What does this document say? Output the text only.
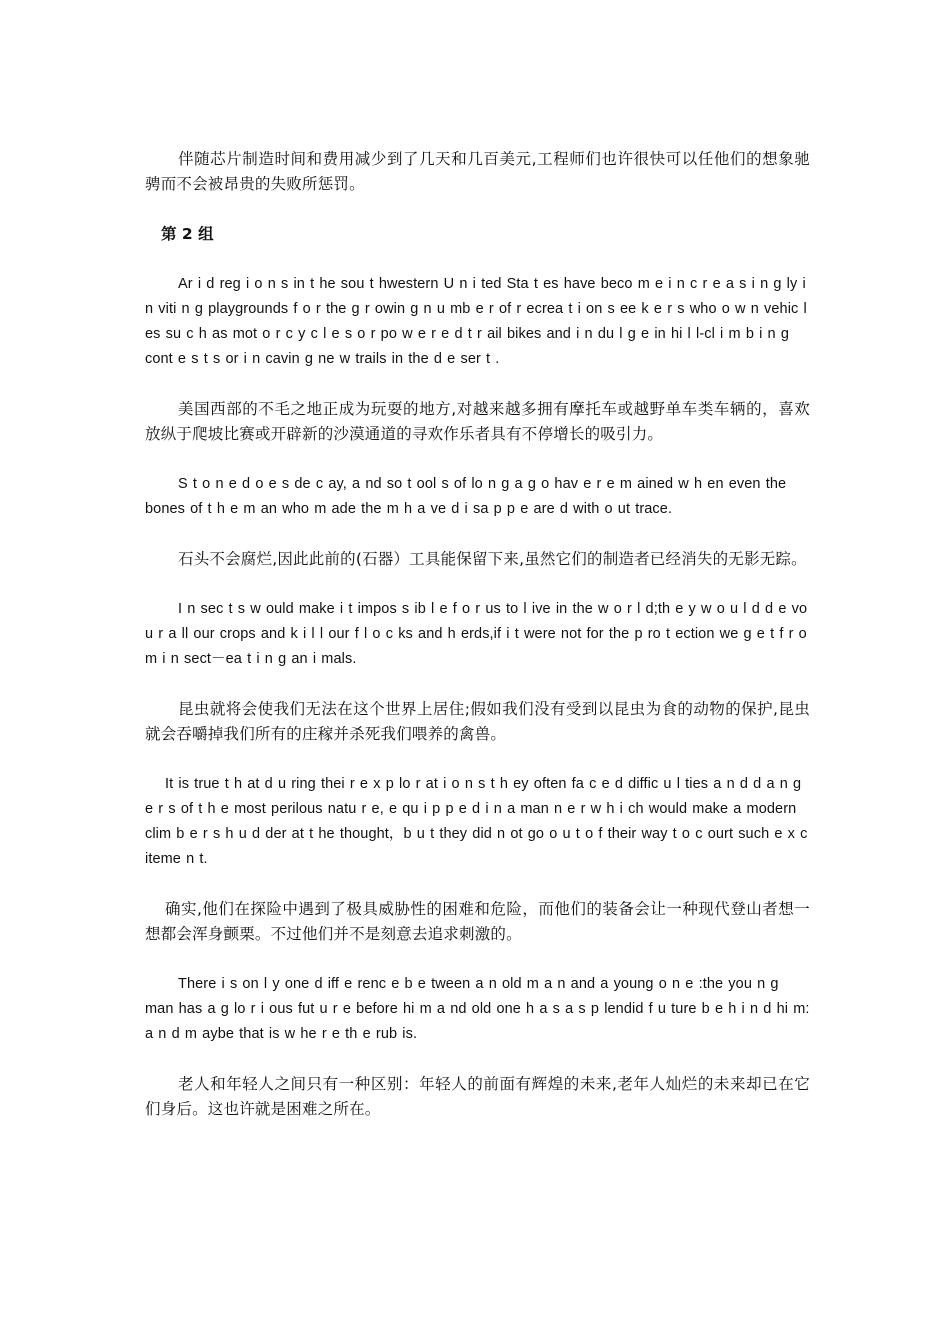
伴随芯片制造时间和费用减少到了几天和几百美元,工程师们也许很快可以任他们的想象驰骋而不会被昂贵的失败所惩罚。

第 2 组

Ar i d reg i o n s in t he sou t hwestern U n i ted Sta t es have beco m e i n c r e a s i n g ly i n viti n g playgrounds f o r the g r owin g n u mb e r of r ecrea t i on s ee k e r s who o w n vehic l es su c h as mot o r c y c l e s o r po w e r e d t r ail bikes and i n du l g e in hi l l-cl i m b i n g cont e s t s or i n cavin g ne w trails in the d e ser t .

美国西部的不毛之地正成为玩耍的地方,对越来越多拥有摩托车或越野单车类车辆的，喜欢放纵于爬坡比赛或开辟新的沙漠通道的寻欢作乐者具有不停增长的吸引力。

S t o n e d o e s de c ay, a nd so t ool s of lo n g a g o hav e r e m ained w h en even the bones of t h e m an who m ade the m h a ve d i sa p p e are d with o ut trace.

石头不会腐烂,因此此前的(石器）工具能保留下来,虽然它们的制造者已经消失的无影无踪。

I n sec t s w ould make i t impos s ib l e f o r us to l ive in the w o r l d;th e y w o u l d d e vo u r a ll our crops and k i l l our f l o c ks and h erds,if i t were not for the p ro t ection we g e t f r o m i n sect－ea t i n g an i mals.

昆虫就将会使我们无法在这个世界上居住;假如我们没有受到以昆虫为食的动物的保护,昆虫就会吞嚼掉我们所有的庄稼并杀死我们喂养的禽兽。

It is true t h at d u ring thei r e x p lo r at i o n s t h ey often fa c e d diffic u l ties a n d d a n g e r s of t h e most perilous natu r e, e qu i p p e d i n a man n e r w h i ch would make a modern clim b e r s h u d der at t he thought，b u t they did n ot go o u t o f their way t o c ourt such e x c iteme n t.

确实,他们在探险中遇到了极具威胁性的困难和危险，而他们的装备会让一种现代登山者想一想都会浑身颤栗。不过他们并不是刻意去追求刺激的。

There i s on l y one d iff e renc e b e tween a n old m a n and a young o n e :the you n g man has a g lo r i ous fut u r e before hi m a nd old one h a s a s p lendid f u ture b e h i n d hi m: a n d m aybe that is w he r e th e rub is.

老人和年轻人之间只有一种区别：年轻人的前面有辉煌的未来,老年人灿烂的未来却已在它们身后。这也许就是困难之所在。
